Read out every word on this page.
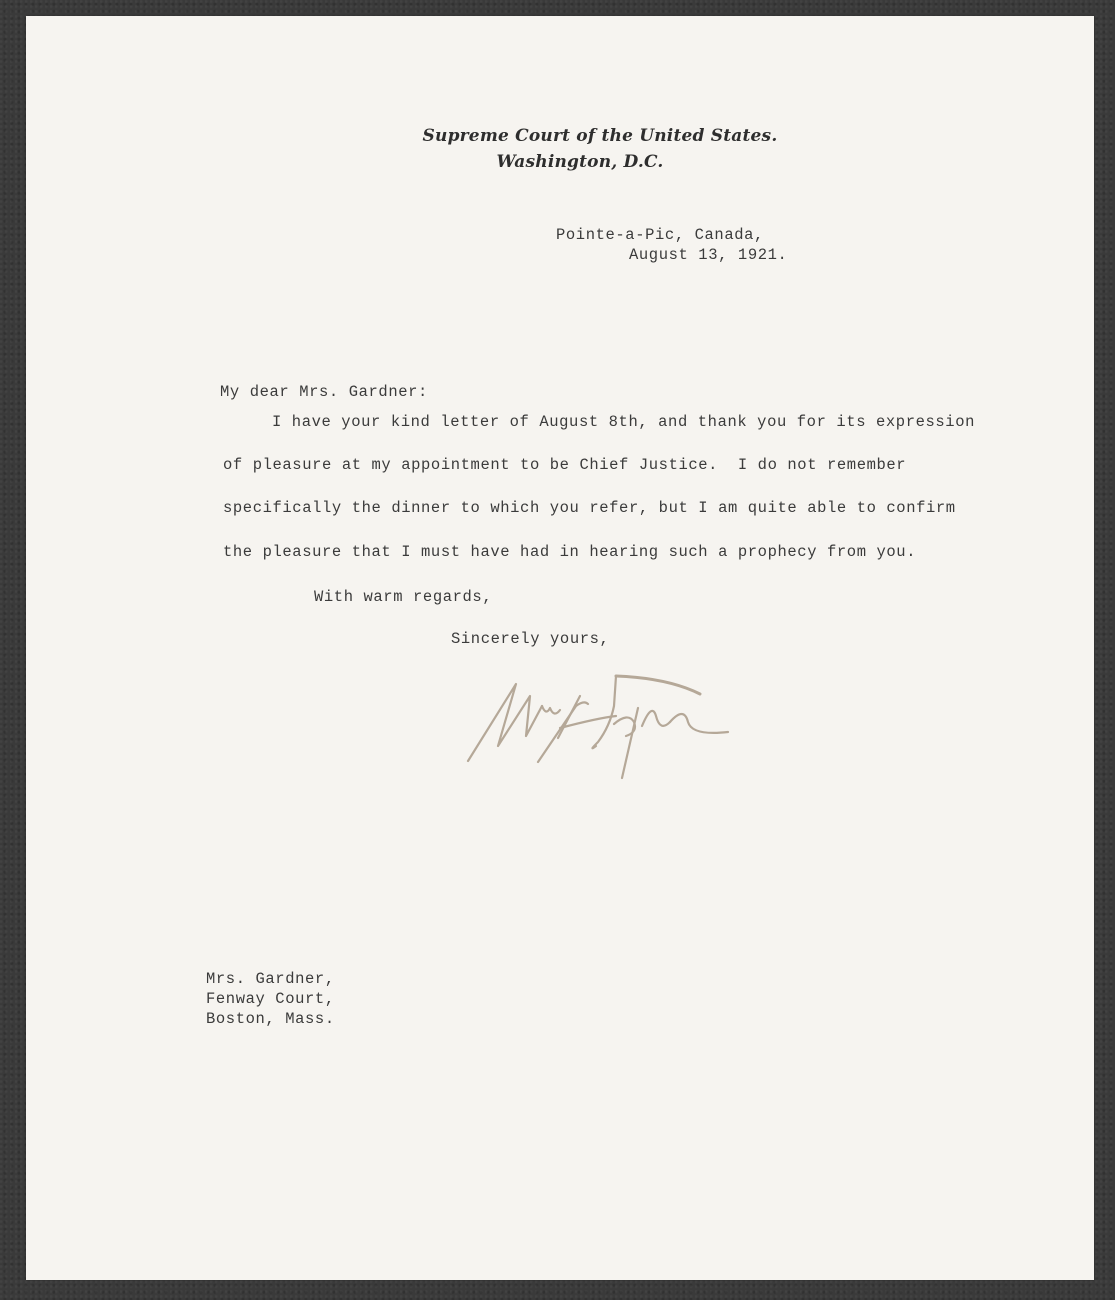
Supreme Court of the United States.
Washington, D.C.
Pointe-a-Pic, Canada,
August 13, 1921.
My dear Mrs. Gardner:
I have your kind letter of August 8th, and thank you for its expression
of pleasure at my appointment to be Chief Justice.  I do not remember
specifically the dinner to which you refer, but I am quite able to confirm
the pleasure that I must have had in hearing such a prophecy from you.
With warm regards,
Sincerely yours,
Mrs. Gardner,
Fenway Court,
Boston, Mass.
